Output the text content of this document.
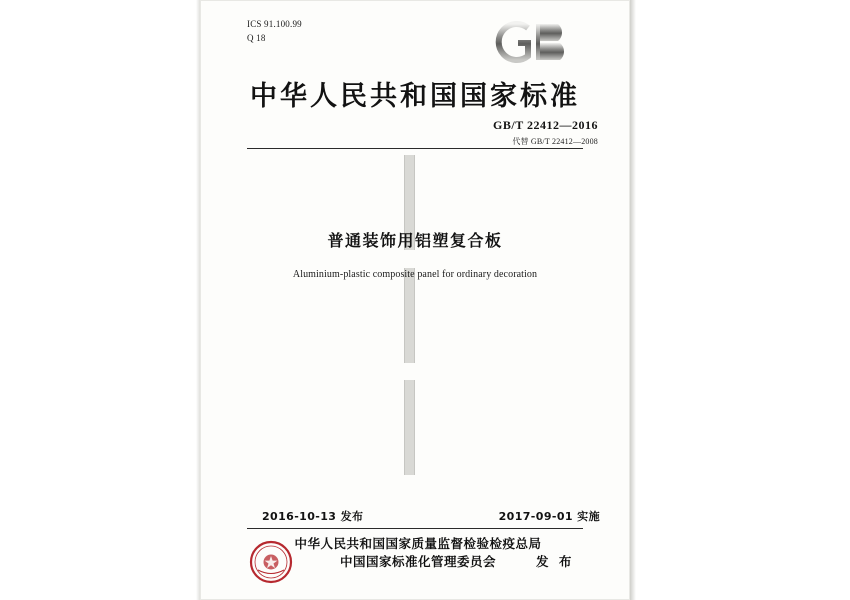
ICS 91.100.99
Q 18
中华人民共和国国家标准
GB/T 22412—2016
代替 GB/T 22412—2008
普通装饰用铝塑复合板
Aluminium-plastic composite panel for ordinary decoration
2016-10-13 发布	2017-09-01 实施
中华人民共和国国家质量监督检验检疫总局
中国国家标准化管理委员会	发 布
